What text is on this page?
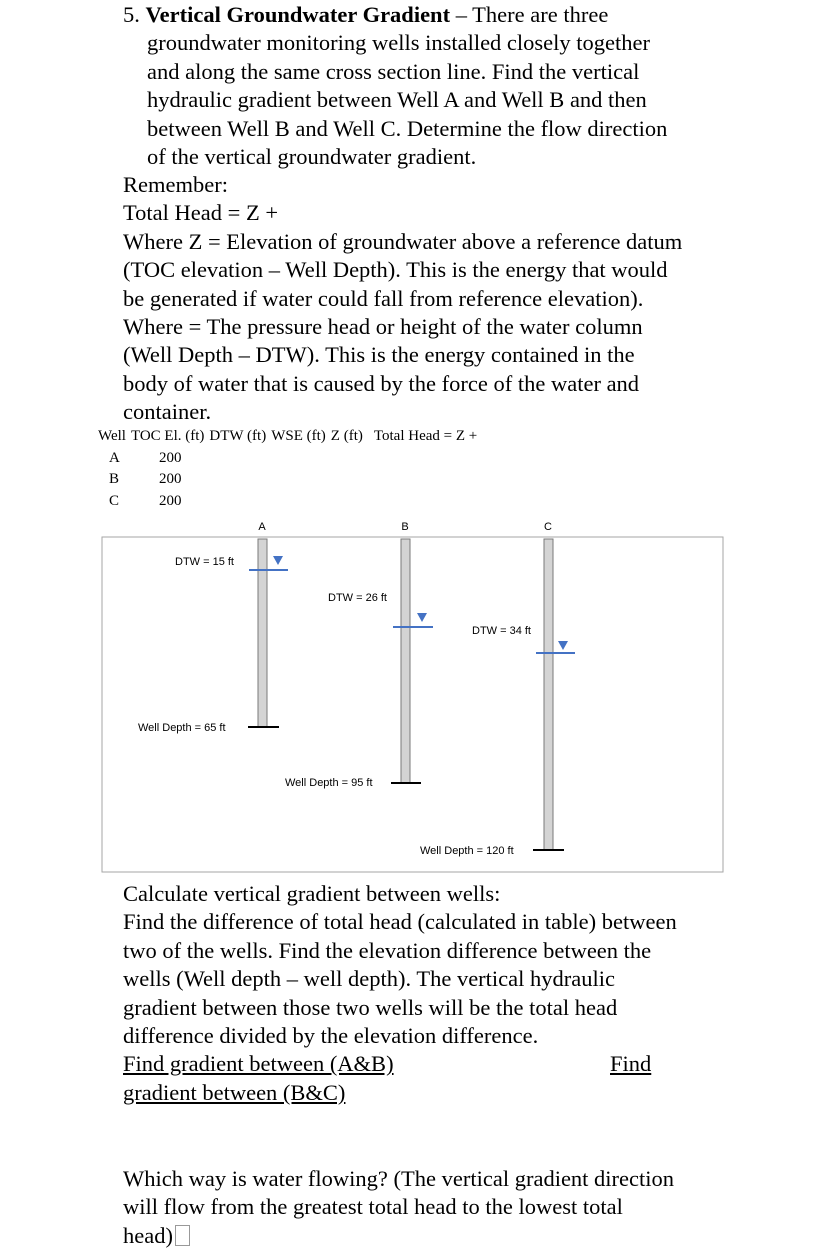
5. Vertical Groundwater Gradient – There are three
groundwater monitoring wells installed closely together
and along the same cross section line. Find the vertical
hydraulic gradient between Well A and Well B and then
between Well B and Well C. Determine the flow direction
of the vertical groundwater gradient.
Remember:
Total Head = Z +
Where Z = Elevation of groundwater above a reference datum
(TOC elevation – Well Depth). This is the energy that would
be generated if water could fall from reference elevation).
Where = The pressure head or height of the water column
(Well Depth – DTW). This is the energy contained in the
body of water that is caused by the force of the water and
container.
Well TOC El. (ft) DTW (ft) WSE (ft) Z (ft) Total Head = Z +
A	200
B	200
C	200
A
DTW = 15 ft
Well Depth = 65 ft
B
DTW = 26 ft
Well Depth = 95 ft
C
DTW = 34 ft
Well Depth = 120 ft
Calculate vertical gradient between wells:
Find the difference of total head (calculated in table) between
two of the wells. Find the elevation difference between the
wells (Well depth – well depth). The vertical hydraulic
gradient between those two wells will be the total head
difference divided by the elevation difference.
Find gradient between (A&B)	Find
gradient between (B&C)
Which way is water flowing? (The vertical gradient direction
will flow from the greatest total head to the lowest total
head)
